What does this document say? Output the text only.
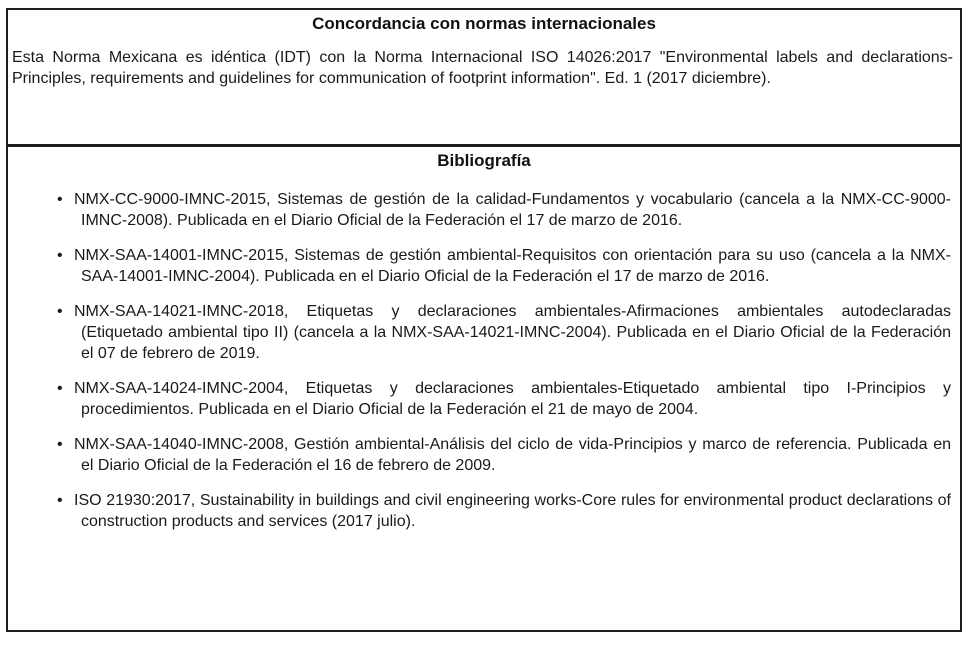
Concordancia con normas internacionales
Esta Norma Mexicana es idéntica (IDT) con la Norma Internacional ISO 14026:2017 "Environmental labels and declarations-Principles, requirements and guidelines for communication of footprint information". Ed. 1 (2017 diciembre).
Bibliografía
• NMX-CC-9000-IMNC-2015, Sistemas de gestión de la calidad-Fundamentos y vocabulario (cancela a la NMX-CC-9000-IMNC-2008). Publicada en el Diario Oficial de la Federación el 17 de marzo de 2016.
• NMX-SAA-14001-IMNC-2015, Sistemas de gestión ambiental-Requisitos con orientación para su uso (cancela a la NMX-SAA-14001-IMNC-2004). Publicada en el Diario Oficial de la Federación el 17 de marzo de 2016.
• NMX-SAA-14021-IMNC-2018, Etiquetas y declaraciones ambientales-Afirmaciones ambientales autodeclaradas (Etiquetado ambiental tipo II) (cancela a la NMX-SAA-14021-IMNC-2004). Publicada en el Diario Oficial de la Federación el 07 de febrero de 2019.
• NMX-SAA-14024-IMNC-2004, Etiquetas y declaraciones ambientales-Etiquetado ambiental tipo I-Principios y procedimientos. Publicada en el Diario Oficial de la Federación el 21 de mayo de 2004.
• NMX-SAA-14040-IMNC-2008, Gestión ambiental-Análisis del ciclo de vida-Principios y marco de referencia. Publicada en el Diario Oficial de la Federación el 16 de febrero de 2009.
• ISO 21930:2017, Sustainability in buildings and civil engineering works-Core rules for environmental product declarations of construction products and services (2017 julio).
